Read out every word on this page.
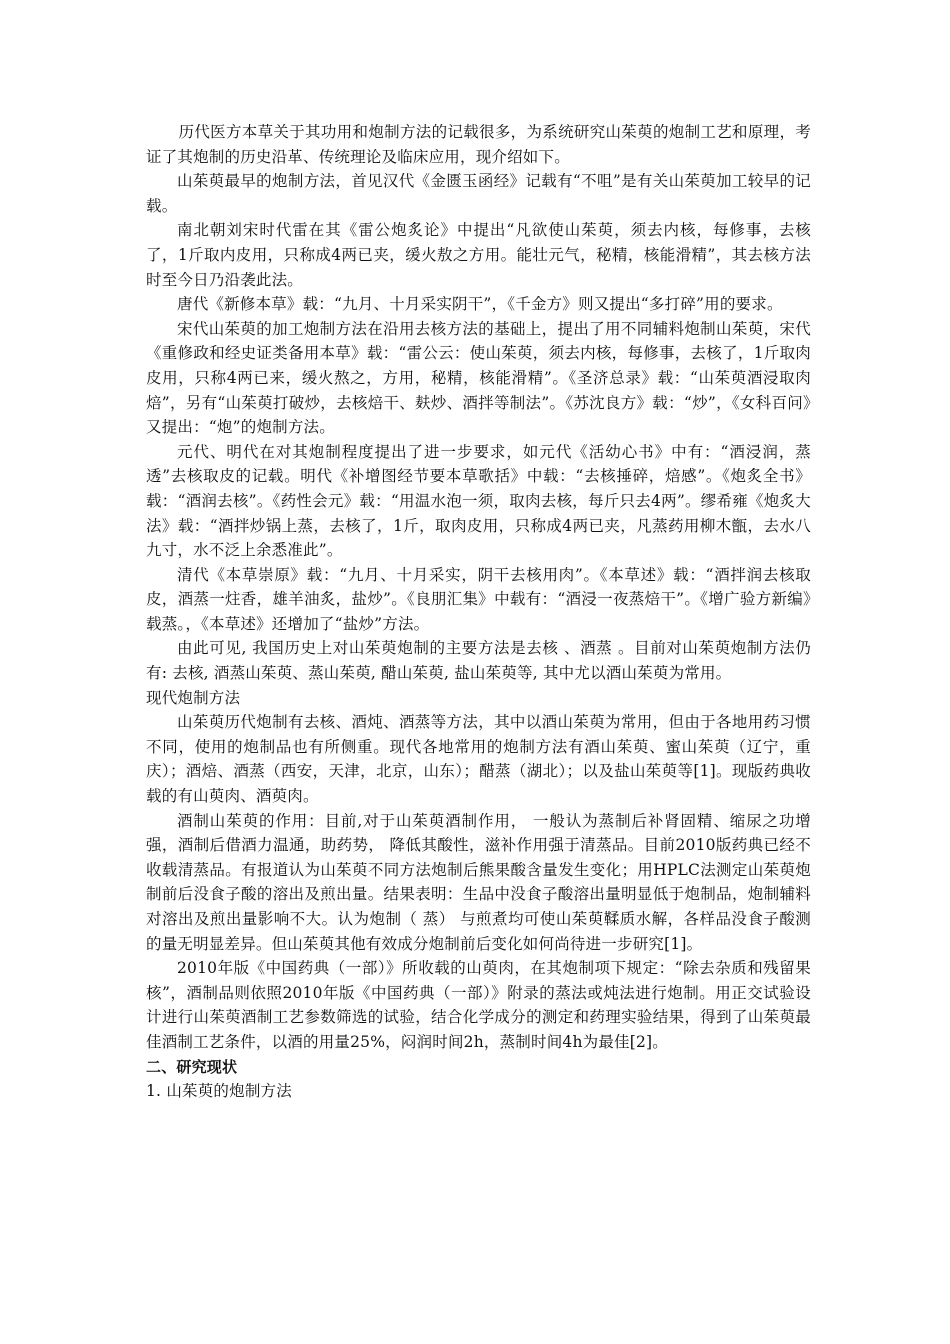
历代医方本草关于其功用和炮制方法的记载很多，为系统研究山茱萸的炮制工艺和原理，考证了其炮制的历史沿革、传统理论及临床应用，现介绍如下。

山茱萸最早的炮制方法，首见汉代《金匮玉函经》记载有“不咀”是有关山茱萸加工较早的记载。

南北朝刘宋时代雷在其《雷公炮炙论》中提出“凡欲使山茱萸，须去内核，每修事，去核了，1斤取内皮用，只称成4两已夹，缓火敖之方用。能壮元气，秘精，核能滑精”，其去核方法时至今日乃沿袭此法。

唐代《新修本草》载：“九月、十月采实阴干”，《千金方》则又提出“多打碎”用的要求。

宋代山茱萸的加工炮制方法在沿用去核方法的基础上，提出了用不同辅料炮制山茱萸，宋代《重修政和经史证类备用本草》载：“雷公云：使山茱萸，须去内核，每修事，去核了，1斤取肉皮用，只称4两已来，缓火熬之，方用，秘精，核能滑精”。《圣济总录》载：“山茱萸酒浸取肉焙”，另有“山茱萸打破炒，去核焙干、麸炒、酒拌等制法”。《苏沈良方》载：“炒”，《女科百问》又提出：“炮”的炮制方法。

元代、明代在对其炮制程度提出了进一步要求，如元代《活幼心书》中有：“酒浸润，蒸透”去核取皮的记载。明代《补增图经节要本草歌括》中载：“去核捶碎，焙感”。《炮炙全书》载：“酒润去核”。《药性会元》载：“用温水泡一须，取肉去核，每斤只去4两”。缪希雍《炮炙大法》载：“酒拌炒锅上蒸，去核了，1斤，取肉皮用，只称成4两已夹，凡蒸药用柳木甑，去水八九寸，水不泛上余悉准此”。

清代《本草崇原》载：“九月、十月采实，阴干去核用肉”。《本草述》载：“酒拌润去核取皮，酒蒸一炷香，雄羊油炙，盐炒”。《良朋汇集》中载有：“酒浸一夜蒸焙干”。《增广验方新编》载蒸。，《本草述》还增加了“盐炒”方法。

由此可见, 我国历史上对山茱萸炮制的主要方法是去核 、酒蒸 。目前对山茱萸炮制方法仍有: 去核, 酒蒸山茱萸、蒸山茱萸, 醋山茱萸, 盐山茱萸等, 其中尤以酒山茱萸为常用。

现代炮制方法

山茱萸历代炮制有去核、酒炖、酒蒸等方法，其中以酒山茱萸为常用，但由于各地用药习惯不同，使用的炮制品也有所侧重。现代各地常用的炮制方法有酒山茱萸、蜜山茱萸（辽宁，重庆）；酒焙、酒蒸（西安，天津，北京，山东）；醋蒸（湖北）；以及盐山茱萸等[1]。现版药典收载的有山萸肉、酒萸肉。

酒制山茱萸的作用：目前,对于山茱萸酒制作用， 一般认为蒸制后补肾固精、缩尿之功增强，酒制后借酒力温通，助药势， 降低其酸性，滋补作用强于清蒸品。目前2010版药典已经不收载清蒸品。有报道认为山茱萸不同方法炮制后熊果酸含量发生变化；用HPLC法测定山茱萸炮制前后没食子酸的溶出及煎出量。结果表明：生品中没食子酸溶出量明显低于炮制品，炮制辅料对溶出及煎出量影响不大。认为炮制（ 蒸） 与煎煮均可使山茱萸鞣质水解，各样品没食子酸测的量无明显差异。但山茱萸其他有效成分炮制前后变化如何尚待进一步研究[1]。

2010年版《中国药典（一部）》所收载的山萸肉，在其炮制项下规定：“除去杂质和残留果核”，酒制品则依照2010年版《中国药典（一部）》附录的蒸法或炖法进行炮制。用正交试验设计进行山茱萸酒制工艺参数筛选的试验，结合化学成分的测定和药理实验结果，得到了山茱萸最佳酒制工艺条件，以酒的用量25%，闷润时间2h，蒸制时间4h为最佳[2]。

二、研究现状

1. 山茱萸的炮制方法
